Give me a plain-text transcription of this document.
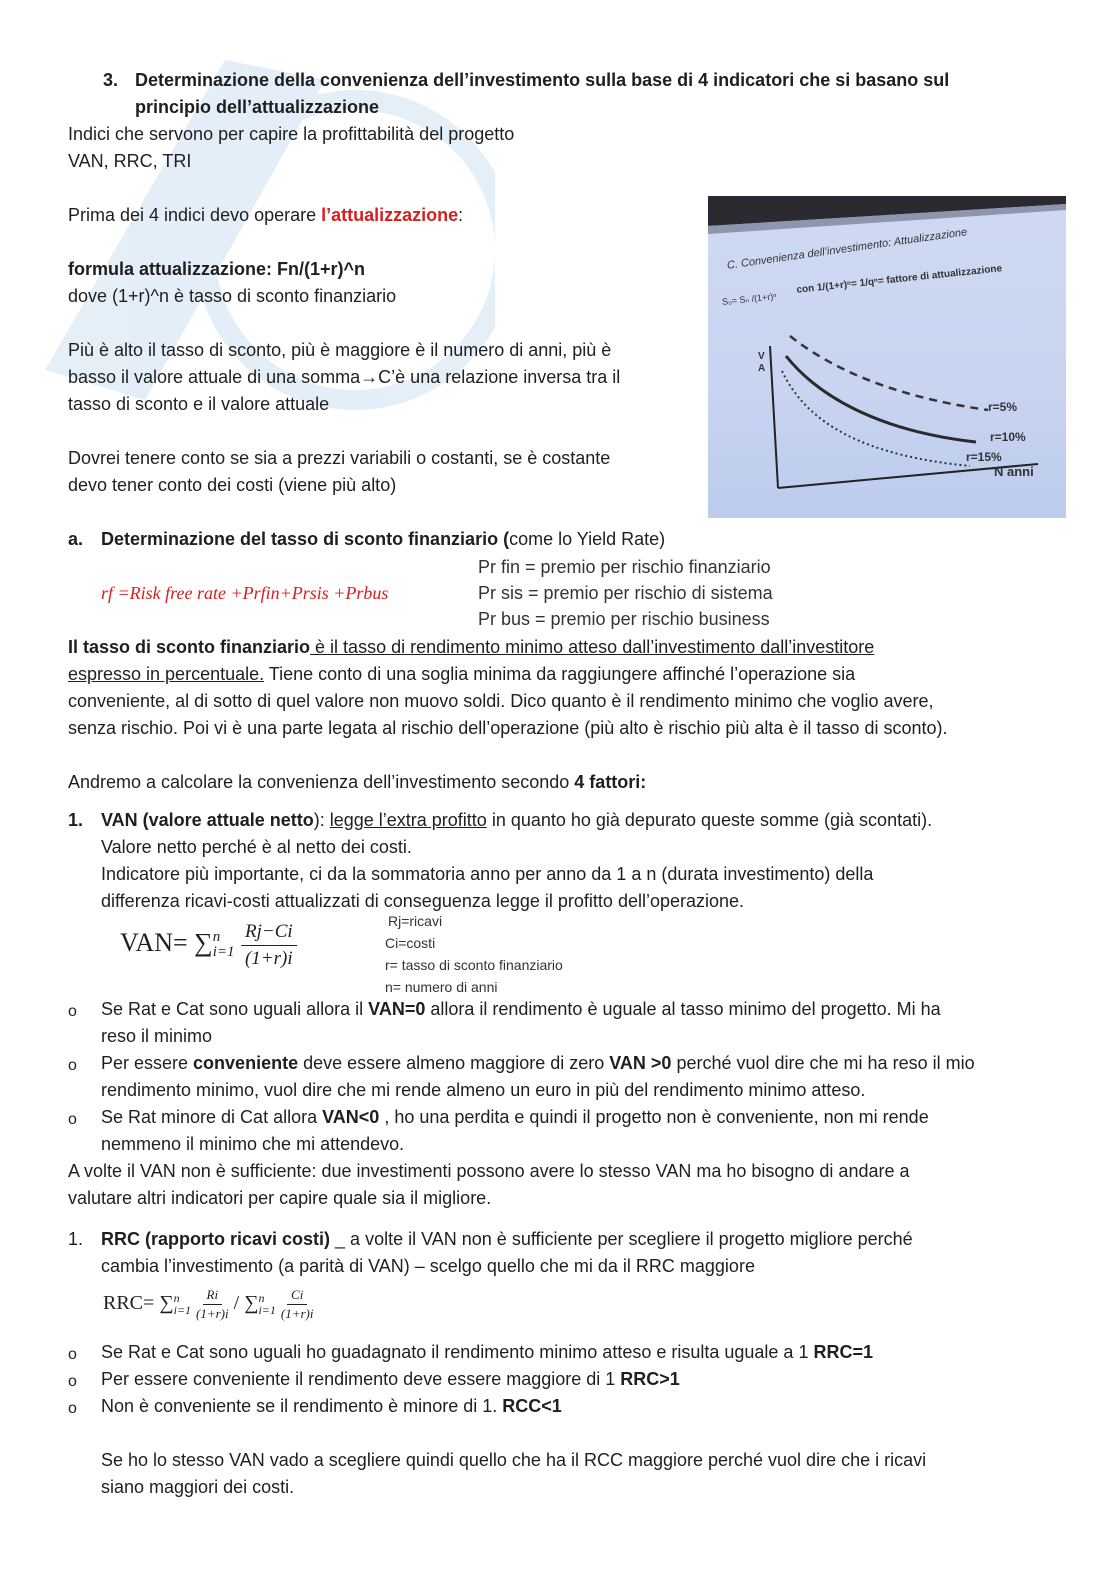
3. Determinazione della convenienza dell’investimento sulla base di 4 indicatori che si basano sul
principio dell’attualizzazione
Indici che servono per capire la profittabilità del progetto
VAN, RRC, TRI
Prima dei 4 indici devo operare l’attualizzazione:
formula attualizzazione: Fn/(1+r)^n
dove (1+r)^n è tasso di sconto finanziario
Più è alto il tasso di sconto, più è maggiore è il numero di anni, più è
basso il valore attuale di una somma→C’è una relazione inversa tra il
tasso di sconto e il valore attuale
Dovrei tenere conto se sia a prezzi variabili o costanti, se è costante
devo tener conto dei costi (viene più alto)
C. Convenienza dell’investimento: Attualizzazione
S₀= Sₙ /(1+r)ⁿ
con 1/(1+r)ⁿ= 1/qⁿ= fattore di attualizzazione
V A
r=5%
r=10%
r=15%
N anni
a. Determinazione del tasso di sconto finanziario (come lo Yield Rate)
rf =Risk free rate +Prfin+Prsis +Prbus
Pr fin = premio per rischio finanziario
Pr sis = premio per rischio di sistema
Pr bus = premio per rischio business
Il tasso di sconto finanziario è il tasso di rendimento minimo atteso dall’investimento dall’investitore
espresso in percentuale. Tiene conto di una soglia minima da raggiungere affinché l’operazione sia
conveniente, al di sotto di quel valore non muovo soldi. Dico quanto è il rendimento minimo che voglio avere,
senza rischio. Poi vi è una parte legata al rischio dell’operazione (più alto è rischio più alta è il tasso di sconto).
Andremo a calcolare la convenienza dell’investimento secondo 4 fattori:
1. VAN (valore attuale netto): legge l’extra profitto in quanto ho già depurato queste somme (già scontati).
Valore netto perché è al netto dei costi.
Indicatore più importante, ci da la sommatoria anno per anno da 1 a n (durata investimento) della
differenza ricavi-costi attualizzati di conseguenza legge il profitto dell’operazione.
VAN= ∑ n
i=1
$\frac{Rj-Ci}{(1+r)i}$	Rj=ricavi
Ci=costi
r= tasso di sconto finanziario
n= numero di anni
o Se Rat e Cat sono uguali allora il VAN=0 allora il rendimento è uguale al tasso minimo del progetto. Mi ha
reso il minimo
o Per essere conveniente deve essere almeno maggiore di zero VAN >0 perché vuol dire che mi ha reso il mio
rendimento minimo, vuol dire che mi rende almeno un euro in più del rendimento minimo atteso.
o Se Rat minore di Cat allora VAN<0 , ho una perdita e quindi il progetto non è conveniente, non mi rende
nemmeno il minimo che mi attendevo.
A volte il VAN non è sufficiente: due investimenti possono avere lo stesso VAN ma ho bisogno di andare a
valutare altri indicatori per capire quale sia il migliore.
1. RRC (rapporto ricavi costi) _ a volte il VAN non è sufficiente per scegliere il progetto migliore perché
cambia l’investimento (a parità di VAN) – scelgo quello che mi da il RRC maggiore
RRC= ∑ n
i=1
$\frac{Ri}{(1+r)i}$ / ∑ n
i=1
$\frac{Ci}{(1+r)i}$
o Se Rat e Cat sono uguali ho guadagnato il rendimento minimo atteso e risulta uguale a 1 RRC=1
o Per essere conveniente il rendimento deve essere maggiore di 1 RRC>1
o Non è conveniente se il rendimento è minore di 1. RCC<1
Se ho lo stesso VAN vado a scegliere quindi quello che ha il RCC maggiore perché vuol dire che i ricavi
siano maggiori dei costi.
